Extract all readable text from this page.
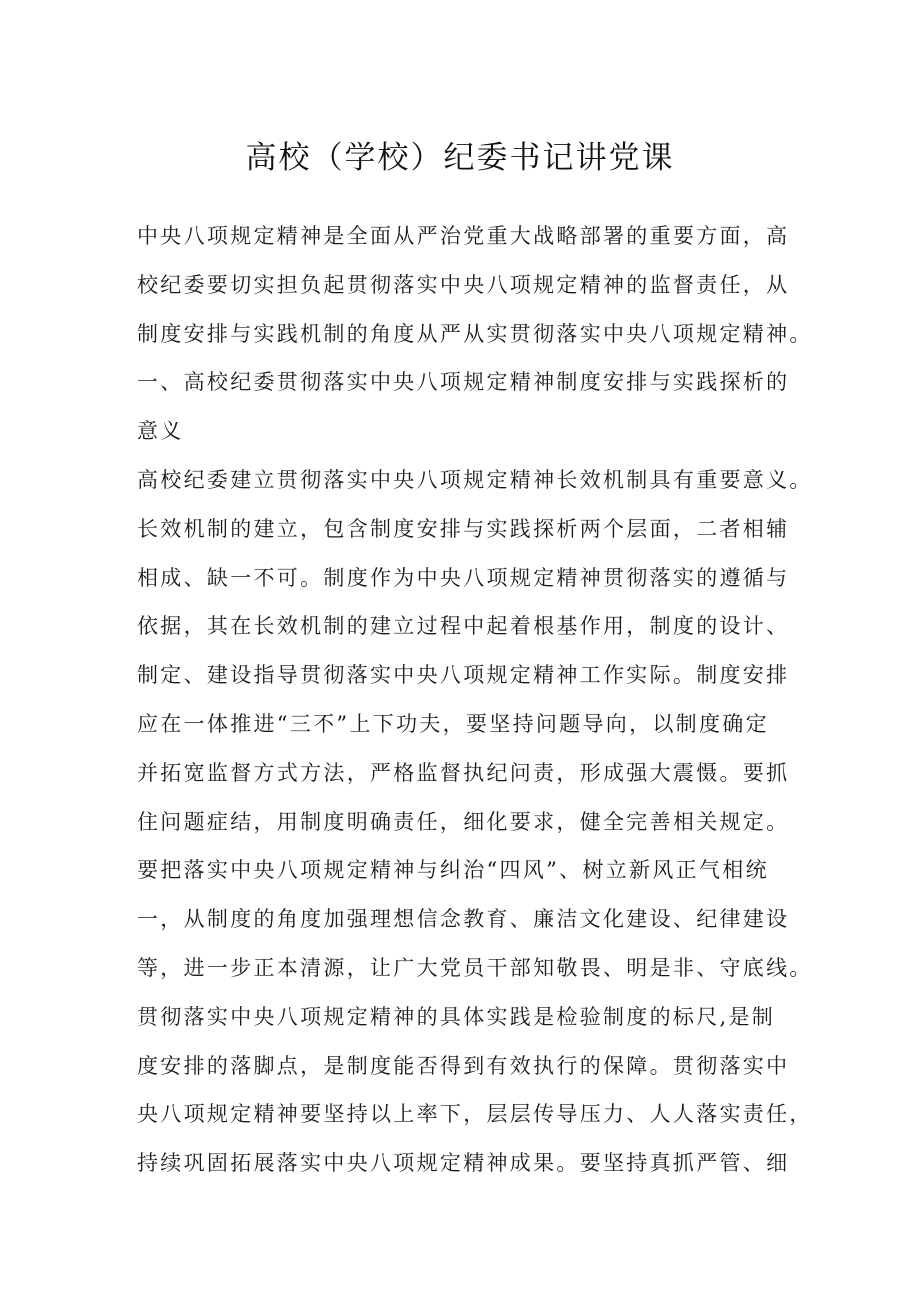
高校（学校）纪委书记讲党课
中央八项规定精神是全面从严治党重大战略部署的重要方面，高
校纪委要切实担负起贯彻落实中央八项规定精神的监督责任，从
制度安排与实践机制的角度从严从实贯彻落实中央八项规定精神。
一、高校纪委贯彻落实中央八项规定精神制度安排与实践探析的
意义
高校纪委建立贯彻落实中央八项规定精神长效机制具有重要意义。
长效机制的建立，包含制度安排与实践探析两个层面，二者相辅
相成、缺一不可。制度作为中央八项规定精神贯彻落实的遵循与
依据，其在长效机制的建立过程中起着根基作用，制度的设计、
制定、建设指导贯彻落实中央八项规定精神工作实际。制度安排
应在一体推进“三不”上下功夫，要坚持问题导向，以制度确定
并拓宽监督方式方法，严格监督执纪问责，形成强大震慑。要抓
住问题症结，用制度明确责任，细化要求，健全完善相关规定。
要把落实中央八项规定精神与纠治“四风”、树立新风正气相统
一，从制度的角度加强理想信念教育、廉洁文化建设、纪律建设
等，进一步正本清源，让广大党员干部知敬畏、明是非、守底线。
贯彻落实中央八项规定精神的具体实践是检验制度的标尺,是制
度安排的落脚点，是制度能否得到有效执行的保障。贯彻落实中
央八项规定精神要坚持以上率下，层层传导压力、人人落实责任，
持续巩固拓展落实中央八项规定精神成果。要坚持真抓严管、细
